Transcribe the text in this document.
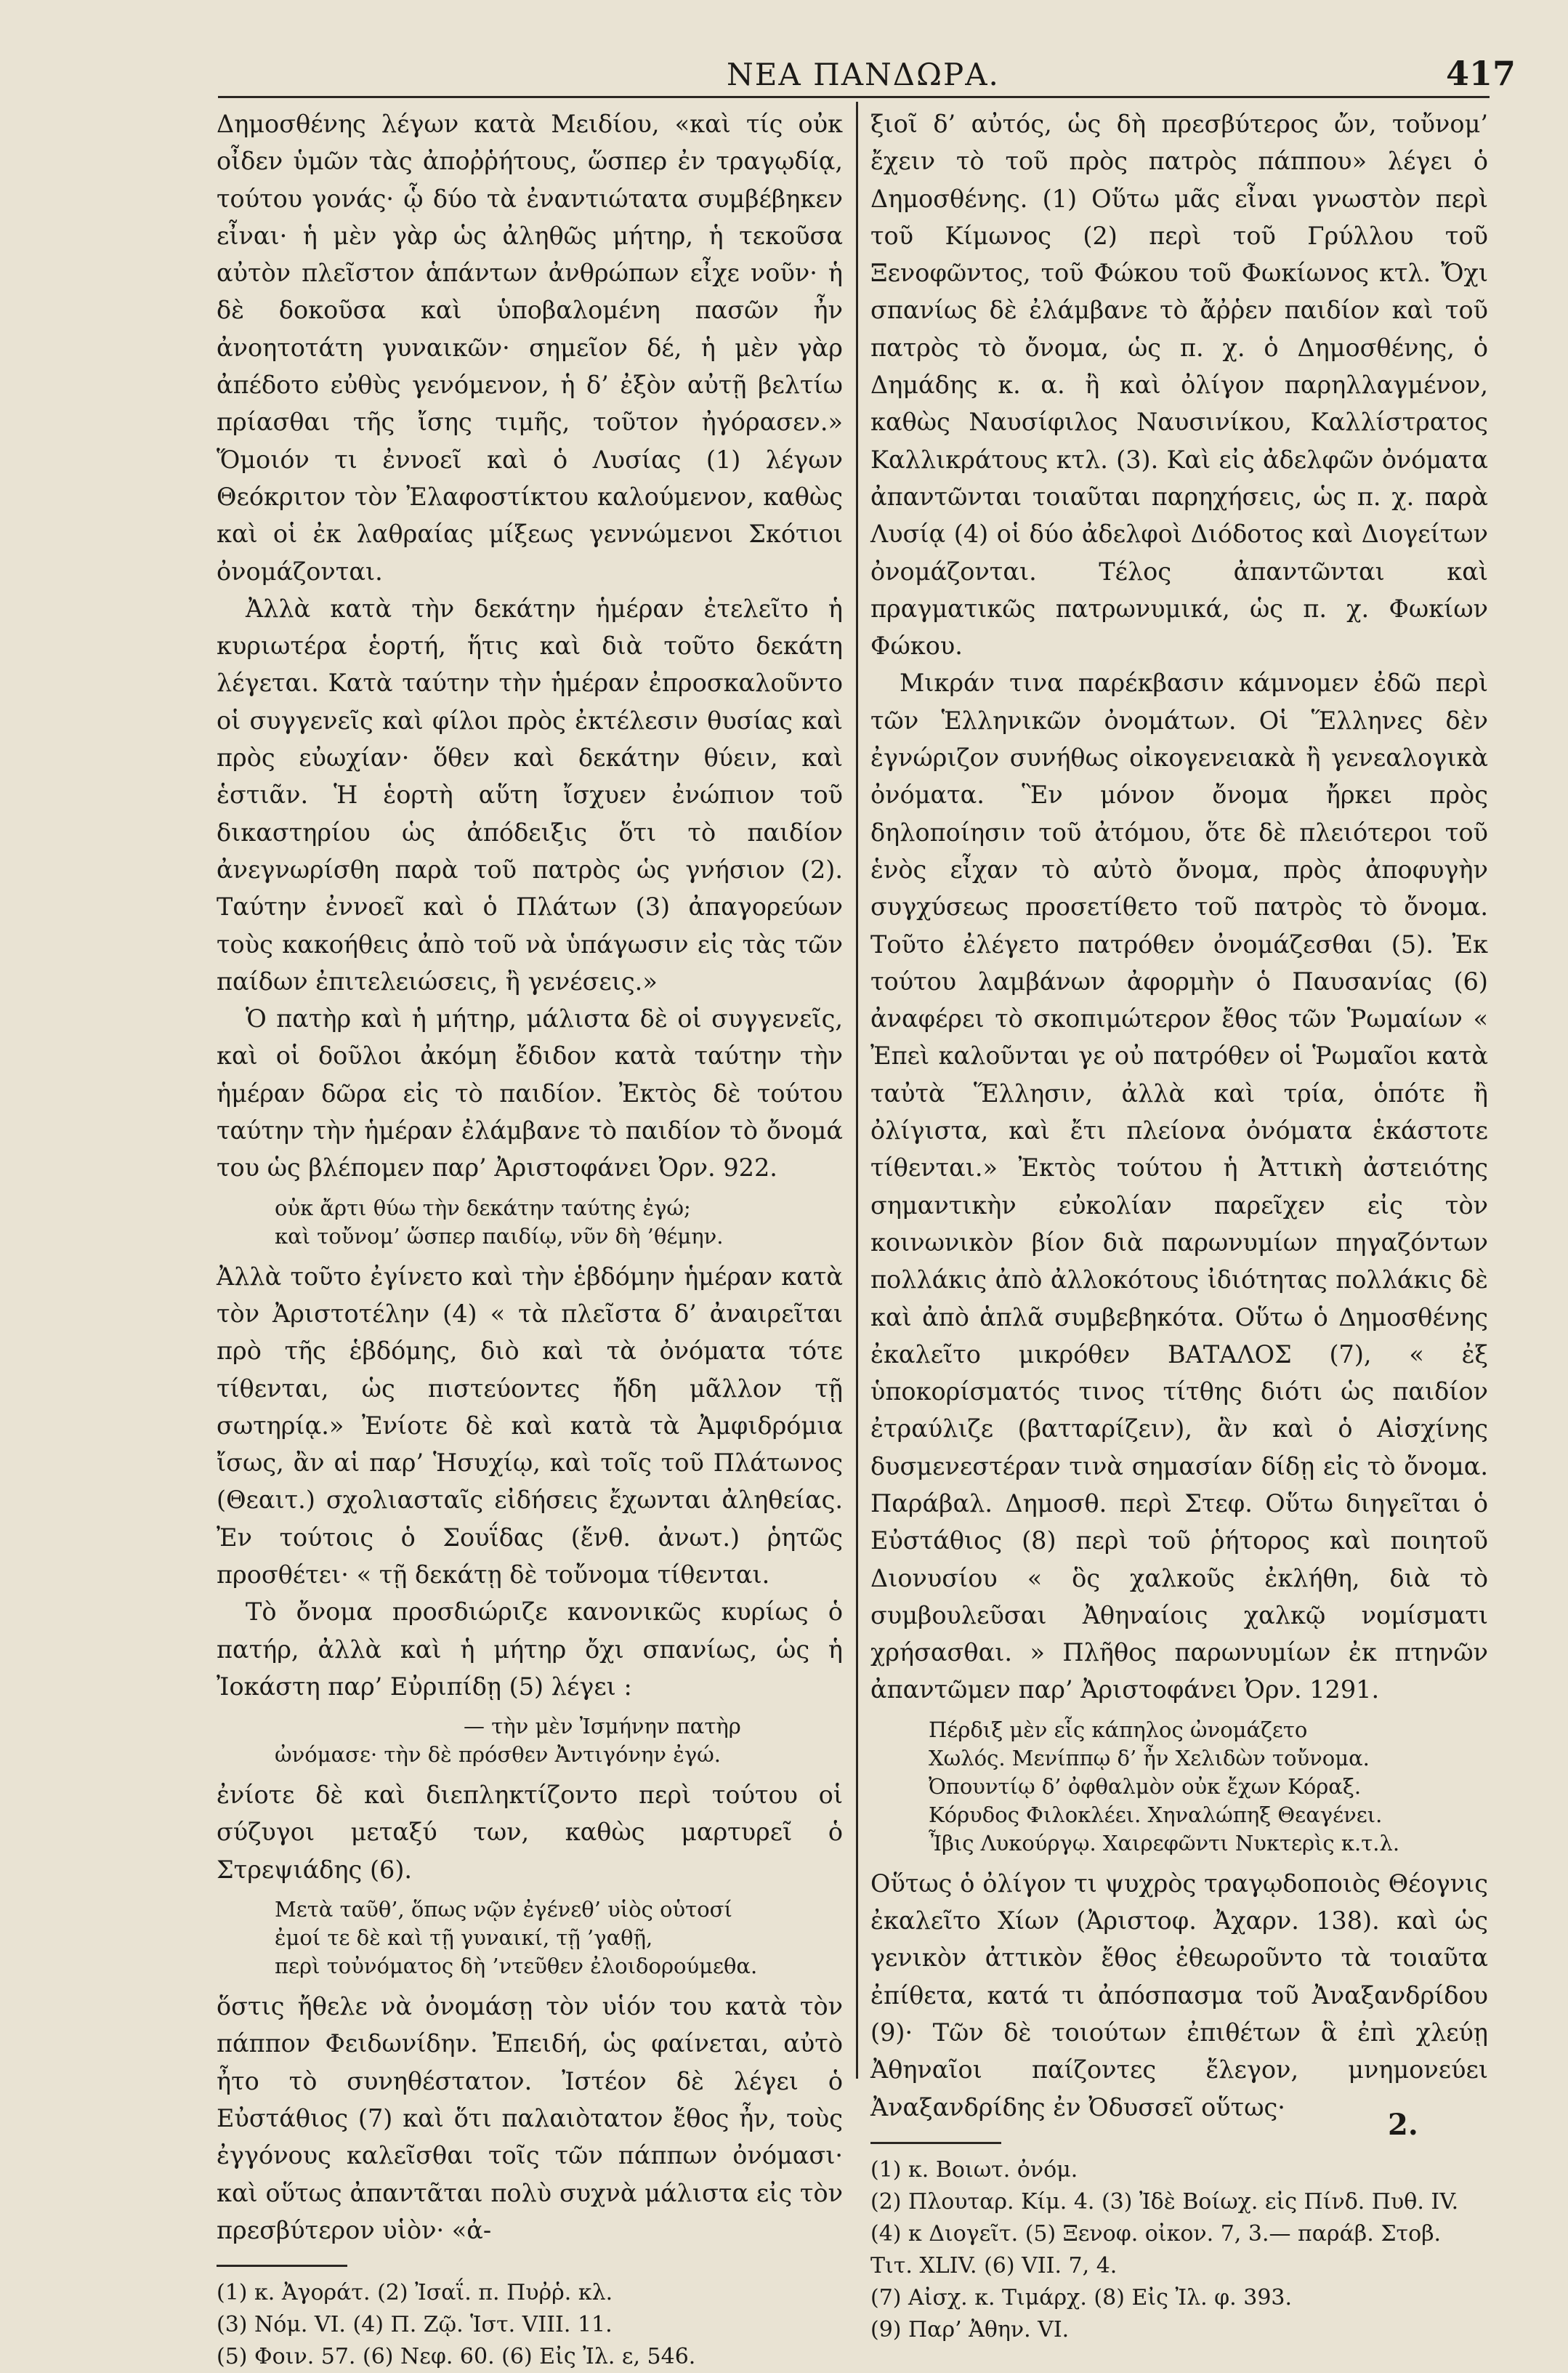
ΝΕΑ ΠΑΝΔΩΡΑ.	417

Δημοσθένης λέγων κατὰ Μειδίου, «καὶ τίς οὐκ οἶδεν ὑμῶν τὰς ἀποῤῥήτους, ὥσπερ ἐν τραγῳδίᾳ, τούτου γονάς· ᾧ δύο τὰ ἐναντιώτατα συμβέβηκεν εἶναι· ἡ μὲν γὰρ ὡς ἀληθῶς μήτηρ, ἡ τεκοῦσα αὐτὸν πλεῖστον ἁπάντων ἀνθρώπων εἶχε νοῦν· ἡ δὲ δοκοῦσα καὶ ὑποβαλομένη πασῶν ἦν ἀνοητοτάτη γυναικῶν· σημεῖον δέ, ἡ μὲν γὰρ ἀπέδοτο εὐθὺς γενόμενον, ἡ δ’ ἐξὸν αὐτῇ βελτίω πρίασθαι τῆς ἴσης τιμῆς, τοῦτον ἠγόρασεν.» Ὅμοιόν τι ἐννοεῖ καὶ ὁ Λυσίας (1) λέγων Θεόκριτον τὸν Ἐλαφοστίκτου καλούμενον, καθὼς καὶ οἱ ἐκ λαθραίας μίξεως γεννώμενοι Σκότιοι ὀνομάζονται.

Ἀλλὰ κατὰ τὴν δεκάτην ἡμέραν ἐτελεῖτο ἡ κυριωτέρα ἑορτή, ἥτις καὶ διὰ τοῦτο δεκάτη λέγεται. Κατὰ ταύτην τὴν ἡμέραν ἐπροσκαλοῦντο οἱ συγγενεῖς καὶ φίλοι πρὸς ἐκτέλεσιν θυσίας καὶ πρὸς εὐωχίαν· ὅθεν καὶ δεκάτην θύειν, καὶ ἑστιᾶν. Ἡ ἑορτὴ αὕτη ἴσχυεν ἐνώπιον τοῦ δικαστηρίου ὡς ἀπόδειξις ὅτι τὸ παιδίον ἀνεγνωρίσθη παρὰ τοῦ πατρὸς ὡς γνήσιον (2). Ταύτην ἐννοεῖ καὶ ὁ Πλάτων (3) ἀπαγορεύων τοὺς κακοήθεις ἀπὸ τοῦ νὰ ὑπάγωσιν εἰς τὰς τῶν παίδων ἐπιτελειώσεις, ἢ γενέσεις.»

Ὁ πατὴρ καὶ ἡ μήτηρ, μάλιστα δὲ οἱ συγγενεῖς, καὶ οἱ δοῦλοι ἀκόμη ἔδιδον κατὰ ταύτην τὴν ἡμέραν δῶρα εἰς τὸ παιδίον. Ἐκτὸς δὲ τούτου ταύτην τὴν ἡμέραν ἐλάμβανε τὸ παιδίον τὸ ὄνομά του ὡς βλέπομεν παρ’ Ἀριστοφάνει Ὀρν. 922.

οὐκ ἄρτι θύω τὴν δεκάτην ταύτης ἐγώ;
καὶ τοὔνομ’ ὥσπερ παιδίῳ, νῦν δὴ ’θέμην.

Ἀλλὰ τοῦτο ἐγίνετο καὶ τὴν ἑβδόμην ἡμέραν κατὰ τὸν Ἀριστοτέλην (4) « τὰ πλεῖστα δ’ ἀναιρεῖται πρὸ τῆς ἑβδόμης, διὸ καὶ τὰ ὀνόματα τότε τίθενται, ὡς πιστεύοντες ἤδη μᾶλλον τῇ σωτηρίᾳ.» Ἐνίοτε δὲ καὶ κατὰ τὰ Ἀμφιδρόμια ἴσως, ἂν αἱ παρ’ Ἡσυχίῳ, καὶ τοῖς τοῦ Πλάτωνος (Θεαιτ.) σχολιασταῖς εἰδήσεις ἔχωνται ἀληθείας. Ἐν τούτοις ὁ Σουΐδας (ἔνθ. ἀνωτ.) ῥητῶς προσθέτει· « τῇ δεκάτῃ δὲ τοὔνομα τίθενται.

Τὸ ὄνομα προσδιώριζε κανονικῶς κυρίως ὁ πατήρ, ἀλλὰ καὶ ἡ μήτηρ ὄχι σπανίως, ὡς ἡ Ἰοκάστη παρ’ Εὐριπίδῃ (5) λέγει :

— τὴν μὲν Ἰσμήνην πατὴρ
ὠνόμασε· τὴν δὲ πρόσθεν Ἀντιγόνην ἐγώ.

ἐνίοτε δὲ καὶ διεπληκτίζοντο περὶ τούτου οἱ σύζυγοι μεταξύ των, καθὼς μαρτυρεῖ ὁ Στρεψιάδης (6).

Μετὰ ταῦθ’, ὅπως νῷν ἐγένεθ’ υἱὸς οὑτοσί
ἐμοί τε δὲ καὶ τῇ γυναικί, τῇ ’γαθῇ,
περὶ τοὐνόματος δὴ ’ντεῦθεν ἐλοιδορούμεθα.

ὅστις ἤθελε νὰ ὀνομάσῃ τὸν υἱόν του κατὰ τὸν πάππον Φειδωνίδην. Ἐπειδή, ὡς φαίνεται, αὐτὸ ἦτο τὸ συνηθέστατον. Ἰστέον δὲ λέγει ὁ Εὐστάθιος (7) καὶ ὅτι παλαιὸτατον ἔθος ἦν, τοὺς ἐγγόνους καλεῖσθαι τοῖς τῶν πάππων ὀνόμασι· καὶ οὕτως ἀπαντᾶται πολὺ συχνὰ μάλιστα εἰς τὸν πρεσβύτερον υἱὸν· «ἀ-

(1) κ. Ἀγοράτ. (2) Ἰσαΐ. π. Πυῤῥ. κλ.
(3) Νόμ. VI. (4) Π. Ζῷ. Ἱστ. VIII. 11.
(5) Φοιν. 57. (6) Νεφ. 60. (6) Εἰς Ἰλ. ε, 546.

ξιοῖ δ’ αὐτός, ὡς δὴ πρεσβύτερος ὤν, τοὔνομ’ ἔχειν τὸ τοῦ πρὸς πατρὸς πάππου» λέγει ὁ Δημοσθένης. (1) Οὕτω μᾶς εἶναι γνωστὸν περὶ τοῦ Κίμωνος (2) περὶ τοῦ Γρύλλου τοῦ Ξενοφῶντος, τοῦ Φώκου τοῦ Φωκίωνος κτλ. Ὄχι σπανίως δὲ ἐλάμβανε τὸ ἄῤῥεν παιδίον καὶ τοῦ πατρὸς τὸ ὄνομα, ὡς π. χ. ὁ Δημοσθένης, ὁ Δημάδης κ. α. ἢ καὶ ὀλίγον παρηλλαγμένον, καθὼς Ναυσίφιλος Ναυσινίκου, Καλλίστρατος Καλλικράτους κτλ. (3). Καὶ εἰς ἀδελφῶν ὀνόματα ἀπαντῶνται τοιαῦται παρηχήσεις, ὡς π. χ. παρὰ Λυσίᾳ (4) οἱ δύο ἀδελφοὶ Διόδοτος καὶ Διογείτων ὀνομάζονται. Τέλος ἀπαντῶνται καὶ πραγματικῶς πατρωνυμικά, ὡς π. χ. Φωκίων Φώκου.

Μικράν τινα παρέκβασιν κάμνομεν ἐδῶ περὶ τῶν Ἑλληνικῶν ὀνομάτων. Οἱ Ἕλληνες δὲν ἐγνώριζον συνήθως οἰκογενειακὰ ἢ γενεαλογικὰ ὀνόματα. Ἓν μόνον ὄνομα ἤρκει πρὸς δηλοποίησιν τοῦ ἀτόμου, ὅτε δὲ πλειότεροι τοῦ ἑνὸς εἶχαν τὸ αὐτὸ ὄνομα, πρὸς ἀποφυγὴν συγχύσεως προσετίθετο τοῦ πατρὸς τὸ ὄνομα. Τοῦτο ἐλέγετο πατρόθεν ὀνομάζεσθαι (5). Ἐκ τούτου λαμβάνων ἀφορμὴν ὁ Παυσανίας (6) ἀναφέρει τὸ σκοπιμώτερον ἔθος τῶν Ῥωμαίων « Ἐπεὶ καλοῦνται γε οὐ πατρόθεν οἱ Ῥωμαῖοι κατὰ ταὐτὰ Ἕλλησιν, ἀλλὰ καὶ τρία, ὁπότε ἢ ὀλίγιστα, καὶ ἔτι πλείονα ὀνόματα ἑκάστοτε τίθενται.» Ἐκτὸς τούτου ἡ Ἀττικὴ ἀστειότης σημαντικὴν εὐκολίαν παρεῖχεν εἰς τὸν κοινωνικὸν βίον διὰ παρωνυμίων πηγαζόντων πολλάκις ἀπὸ ἀλλοκότους ἰδιότητας πολλάκις δὲ καὶ ἀπὸ ἁπλᾶ συμβεβηκότα. Οὕτω ὁ Δημοσθένης ἐκαλεῖτο μικρόθεν ΒΑΤΑΛΟΣ (7), « ἐξ ὑποκορίσματός τινος τίτθης διότι ὡς παιδίον ἐτραύλιζε (βατταρίζειν), ἂν καὶ ὁ Αἰσχίνης δυσμενεστέραν τινὰ σημασίαν δίδῃ εἰς τὸ ὄνομα. Παράβαλ. Δημοσθ. περὶ Στεφ. Οὕτω διηγεῖται ὁ Εὐστάθιος (8) περὶ τοῦ ῥήτορος καὶ ποιητοῦ Διονυσίου « ὃς χαλκοῦς ἐκλήθη, διὰ τὸ συμβουλεῦσαι Ἀθηναίοις χαλκῷ νομίσματι χρήσασθαι. » Πλῆθος παρωνυμίων ἐκ πτηνῶν ἀπαντῶμεν παρ’ Ἀριστοφάνει Ὀρν. 1291.

Πέρδιξ μὲν εἷς κάπηλος ὠνομάζετο
Χωλός. Μενίππῳ δ’ ἦν Χελιδὼν τοὔνομα.
Ὀπουντίῳ δ’ ὀφθαλμὸν οὐκ ἔχων Κόραξ.
Κόρυδος Φιλοκλέει. Χηναλώπηξ Θεαγένει.
Ἶβις Λυκούργῳ. Χαιρεφῶντι Νυκτερὶς κ.τ.λ.

Οὕτως ὁ ὀλίγον τι ψυχρὸς τραγῳδοποιὸς Θέογνις ἐκαλεῖτο Χίων (Ἀριστοφ. Ἀχαρν. 138). καὶ ὡς γενικὸν ἀττικὸν ἔθος ἐθεωροῦντο τὰ τοιαῦτα ἐπίθετα, κατά τι ἀπόσπασμα τοῦ Ἀναξανδρίδου (9)· Τῶν δὲ τοιούτων ἐπιθέτων ἃ ἐπὶ χλεύῃ Ἀθηναῖοι παίζοντες ἔλεγον, μνημονεύει Ἀναξανδρίδης ἐν Ὀδυσσεῖ οὕτως·

(1) κ. Βοιωτ. ὀνόμ.
(2) Πλουταρ. Κίμ. 4. (3) Ἰδὲ Βοίωχ. εἰς Πίνδ. Πυθ. IV. (4) κ Διογεῖτ. (5) Ξενοφ. οἰκον. 7, 3.— παράβ. Στοβ. Τιτ. XLIV. (6) VII. 7, 4.
(7) Αἰσχ. κ. Τιμάρχ. (8) Εἰς Ἰλ. φ. 393.
(9) Παρ’ Ἀθην. VI.
2.
